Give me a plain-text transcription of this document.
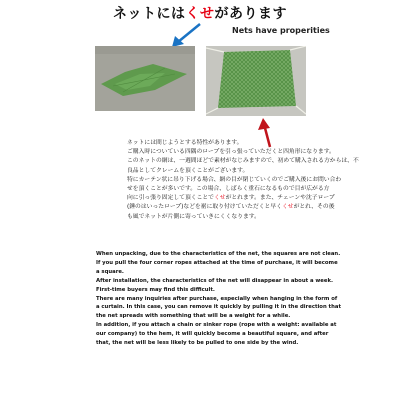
ネットにはくせがあります
Nets have properities
ネットには間じようとする特性があります。
ご購入時についている四隅のロープを引っ張っていただくと四角形になります。
このネットの網は、一週間ほどで素材がなじみますので、初めて購入される方からは、不
良品としてクレームを頂くことがございます。
特にカーテン状に吊り下げる場合、網の目が閉じていくのでご購入後にお問い合わ
せを頂くことが多いです。この場合、しばらく重石になるもので目が広がる方
向に引っ張り固定して頂くことでくせがとれます。また、チェーンや沈子ロープ
(錘のはいったロープ)などを裾に取り付けていただくと早くくせがとれ、その後
も風でネットが片側に寄っていきにくくなります。
When unpacking, due to the characteristics of the net, the squares are not clean.
If you pull the four corner ropes attached at the time of purchase, it will become
a square.
After installation, the characteristics of the net will disappear in about a week.
First-time buyers may find this difficult.
There are many inquiries after purchase, especially when hanging in the form of
a curtain. In this case, you can remove it quickly by pulling it in the direction that
the net spreads with something that will be a weight for a while.
In addition, if you attach a chain or sinker rope (rope with a weight: available at
our company) to the hem, it will quickly become a beautiful square, and after
that, the net will be less likely to be pulled to one side by the wind.
